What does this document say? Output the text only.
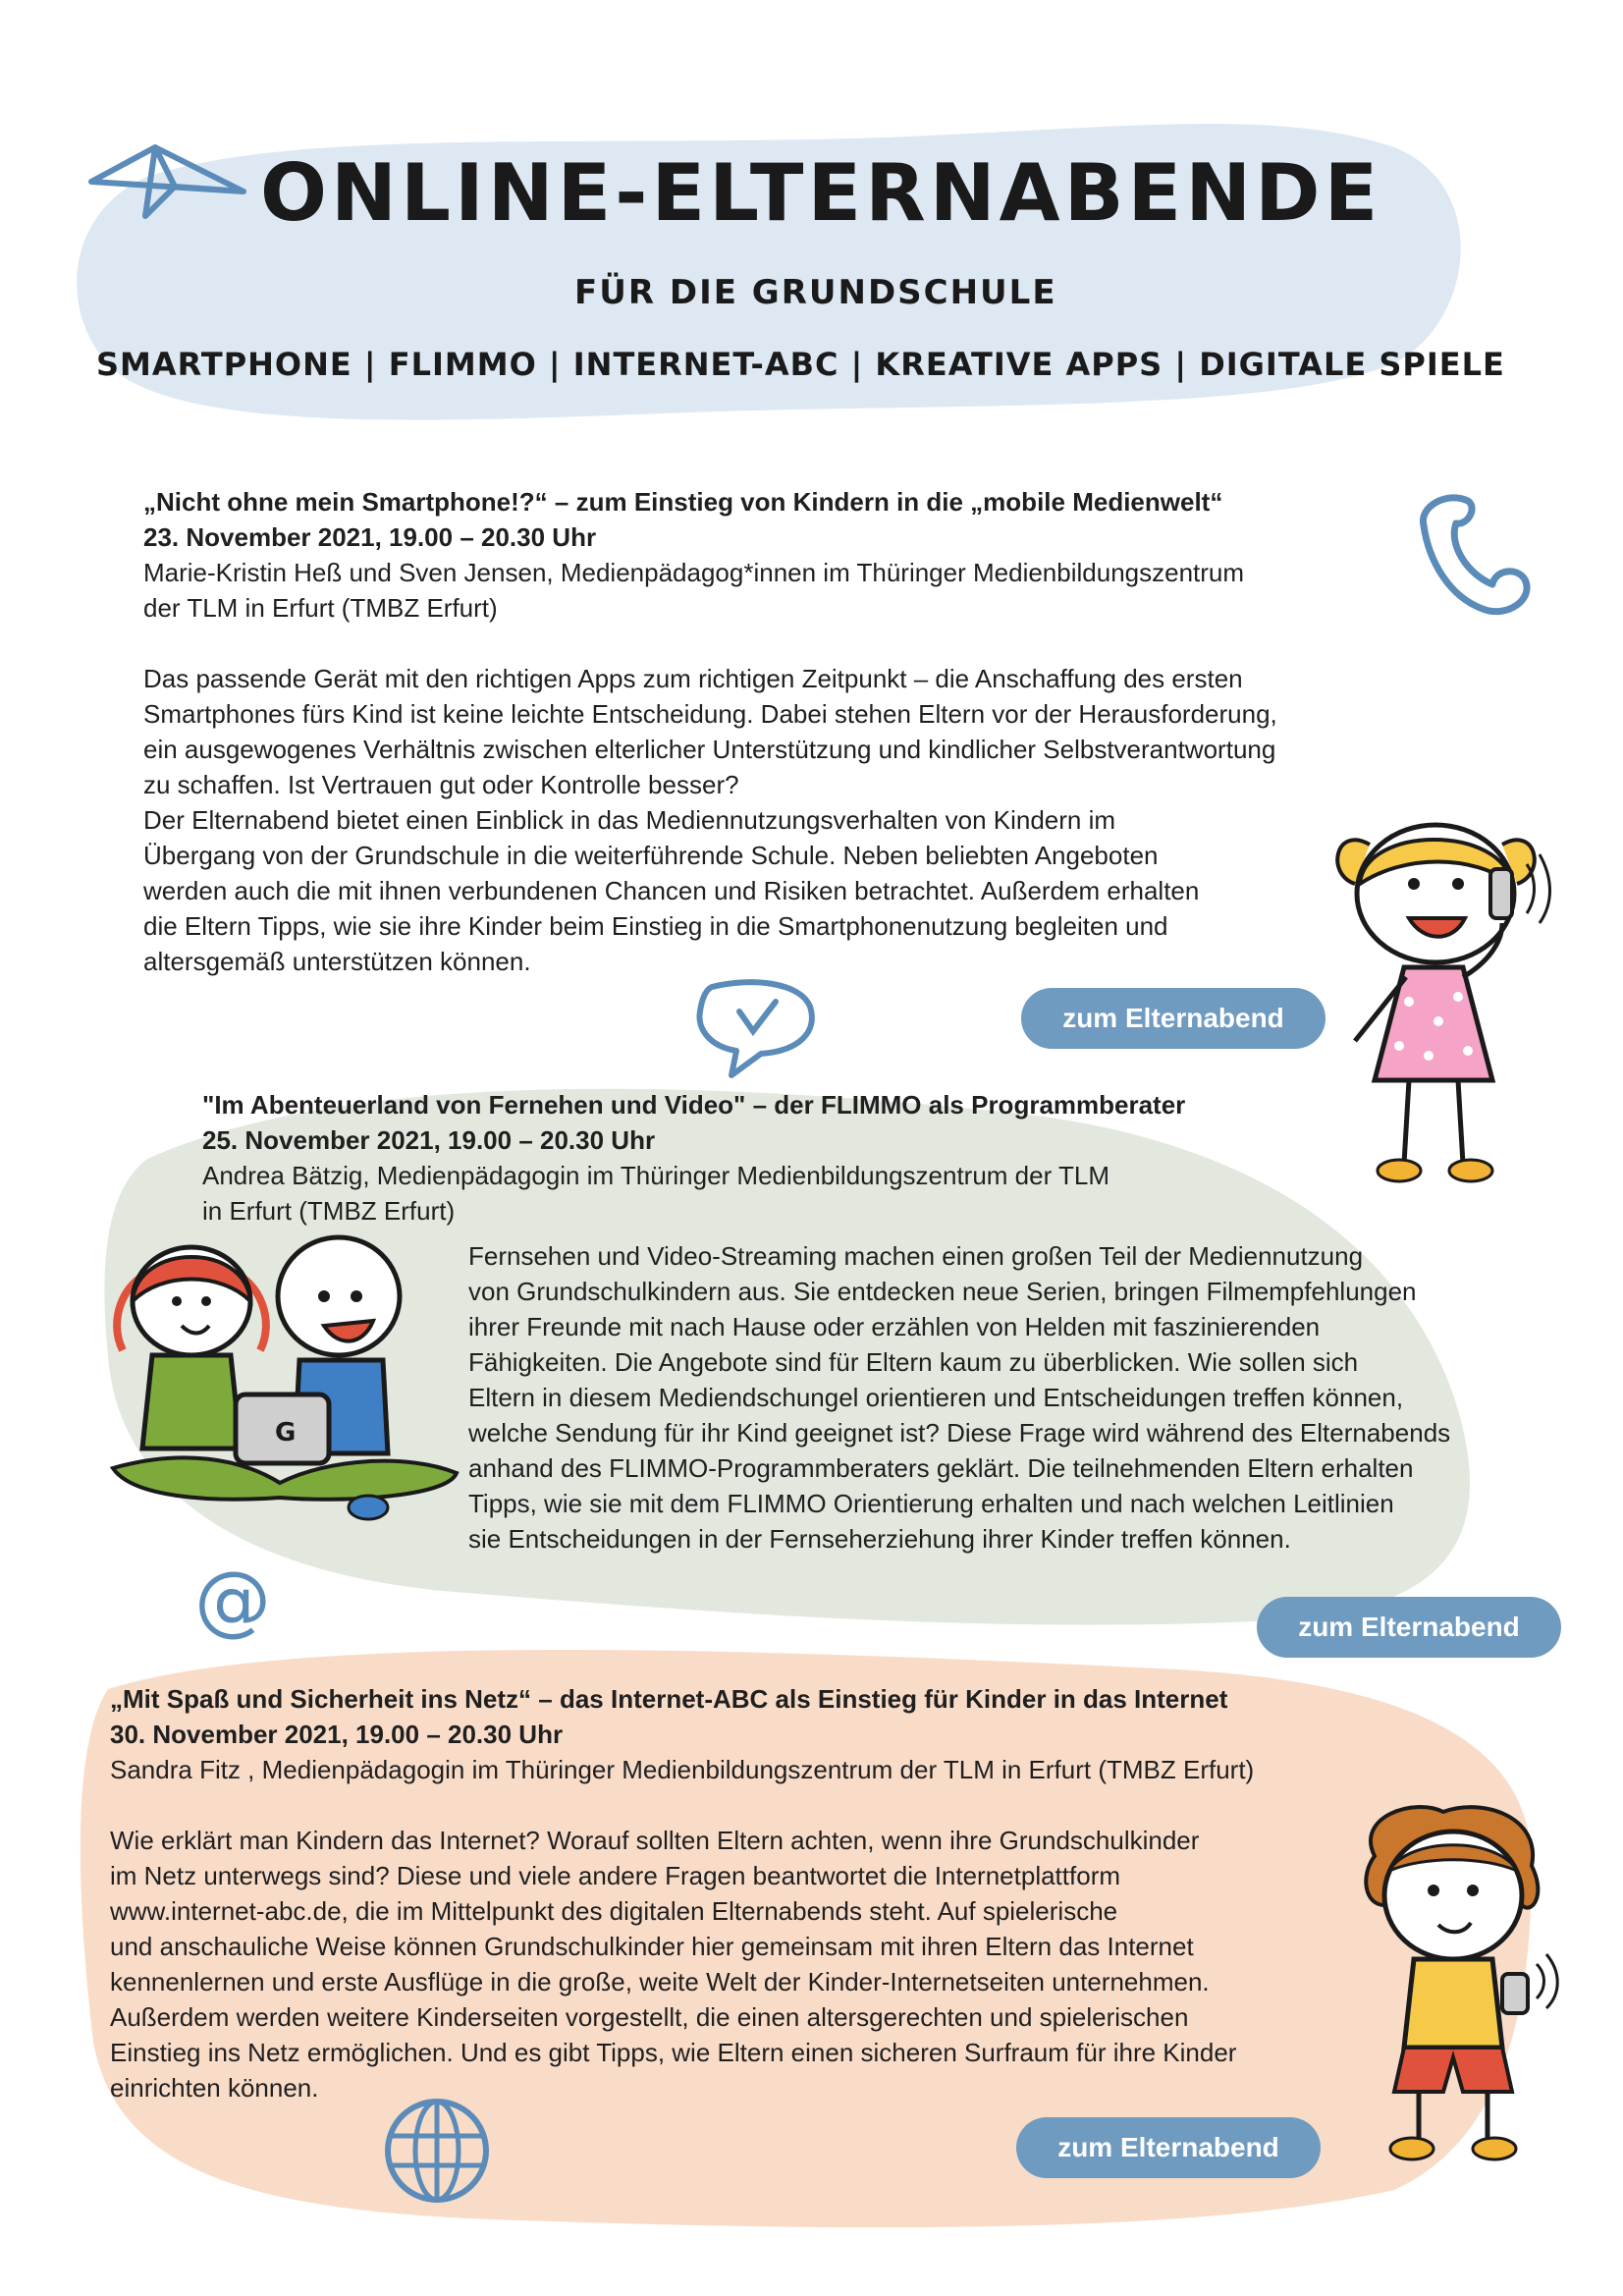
ONLINE-ELTERNABENDE
FÜR DIE GRUNDSCHULE
SMARTPHONE | FLIMMO | INTERNET-ABC | KREATIVE APPS | DIGITALE SPIELE

„Nicht ohne mein Smartphone!?“ – zum Einstieg von Kindern in die „mobile Medienwelt“

23. November 2021, 19.00 – 20.30 Uhr

Marie-Kristin Heß und Sven Jensen, Medienpädagog*innen im Thüringer Medienbildungszentrum

der TLM in Erfurt (TMBZ Erfurt)

Das passende Gerät mit den richtigen Apps zum richtigen Zeitpunkt – die Anschaffung des ersten

Smartphones fürs Kind ist keine leichte Entscheidung. Dabei stehen Eltern vor der Herausforderung,

ein ausgewogenes Verhältnis zwischen elterlicher Unterstützung und kindlicher Selbstverantwortung

zu schaffen. Ist Vertrauen gut oder Kontrolle besser?

Der Elternabend bietet einen Einblick in das Mediennutzungsverhalten von Kindern im

Übergang von der Grundschule in die weiterführende Schule. Neben beliebten Angeboten

werden auch die mit ihnen verbundenen Chancen und Risiken betrachtet. Außerdem erhalten

die Eltern Tipps, wie sie ihre Kinder beim Einstieg in die Smartphonenutzung begleiten und

altersgemäß unterstützen können.

zum Elternabend

"Im Abenteuerland von Fernehen und Video" – der FLIMMO als Programmberater

25. November 2021, 19.00 – 20.30 Uhr

Andrea Bätzig, Medienpädagogin im Thüringer Medienbildungszentrum der TLM

in Erfurt (TMBZ Erfurt)

Fernsehen und Video-Streaming machen einen großen Teil der Mediennutzung

von Grundschulkindern aus. Sie entdecken neue Serien, bringen Filmempfehlungen

ihrer Freunde mit nach Hause oder erzählen von Helden mit faszinierenden

Fähigkeiten. Die Angebote sind für Eltern kaum zu überblicken. Wie sollen sich

Eltern in diesem Mediendschungel orientieren und Entscheidungen treffen können,

welche Sendung für ihr Kind geeignet ist? Diese Frage wird während des Elternabends

anhand des FLIMMO-Programmberaters geklärt. Die teilnehmenden Eltern erhalten

Tipps, wie sie mit dem FLIMMO Orientierung erhalten und nach welchen Leitlinien

sie Entscheidungen in der Fernseherziehung ihrer Kinder treffen können.

G
@	zum Elternabend

„Mit Spaß und Sicherheit ins Netz“ – das Internet-ABC als Einstieg für Kinder in das Internet

30. November 2021, 19.00 – 20.30 Uhr

Sandra Fitz , Medienpädagogin im Thüringer Medienbildungszentrum der TLM in Erfurt (TMBZ Erfurt)

Wie erklärt man Kindern das Internet? Worauf sollten Eltern achten, wenn ihre Grundschulkinder

im Netz unterwegs sind? Diese und viele andere Fragen beantwortet die Internetplattform

www.internet-abc.de, die im Mittelpunkt des digitalen Elternabends steht. Auf spielerische

und anschauliche Weise können Grundschulkinder hier gemeinsam mit ihren Eltern das Internet

kennenlernen und erste Ausflüge in die große, weite Welt der Kinder-Internetseiten unternehmen.

Außerdem werden weitere Kinderseiten vorgestellt, die einen altersgerechten und spielerischen

Einstieg ins Netz ermöglichen. Und es gibt Tipps, wie Eltern einen sicheren Surfraum für ihre Kinder

einrichten können.

zum Elternabend
